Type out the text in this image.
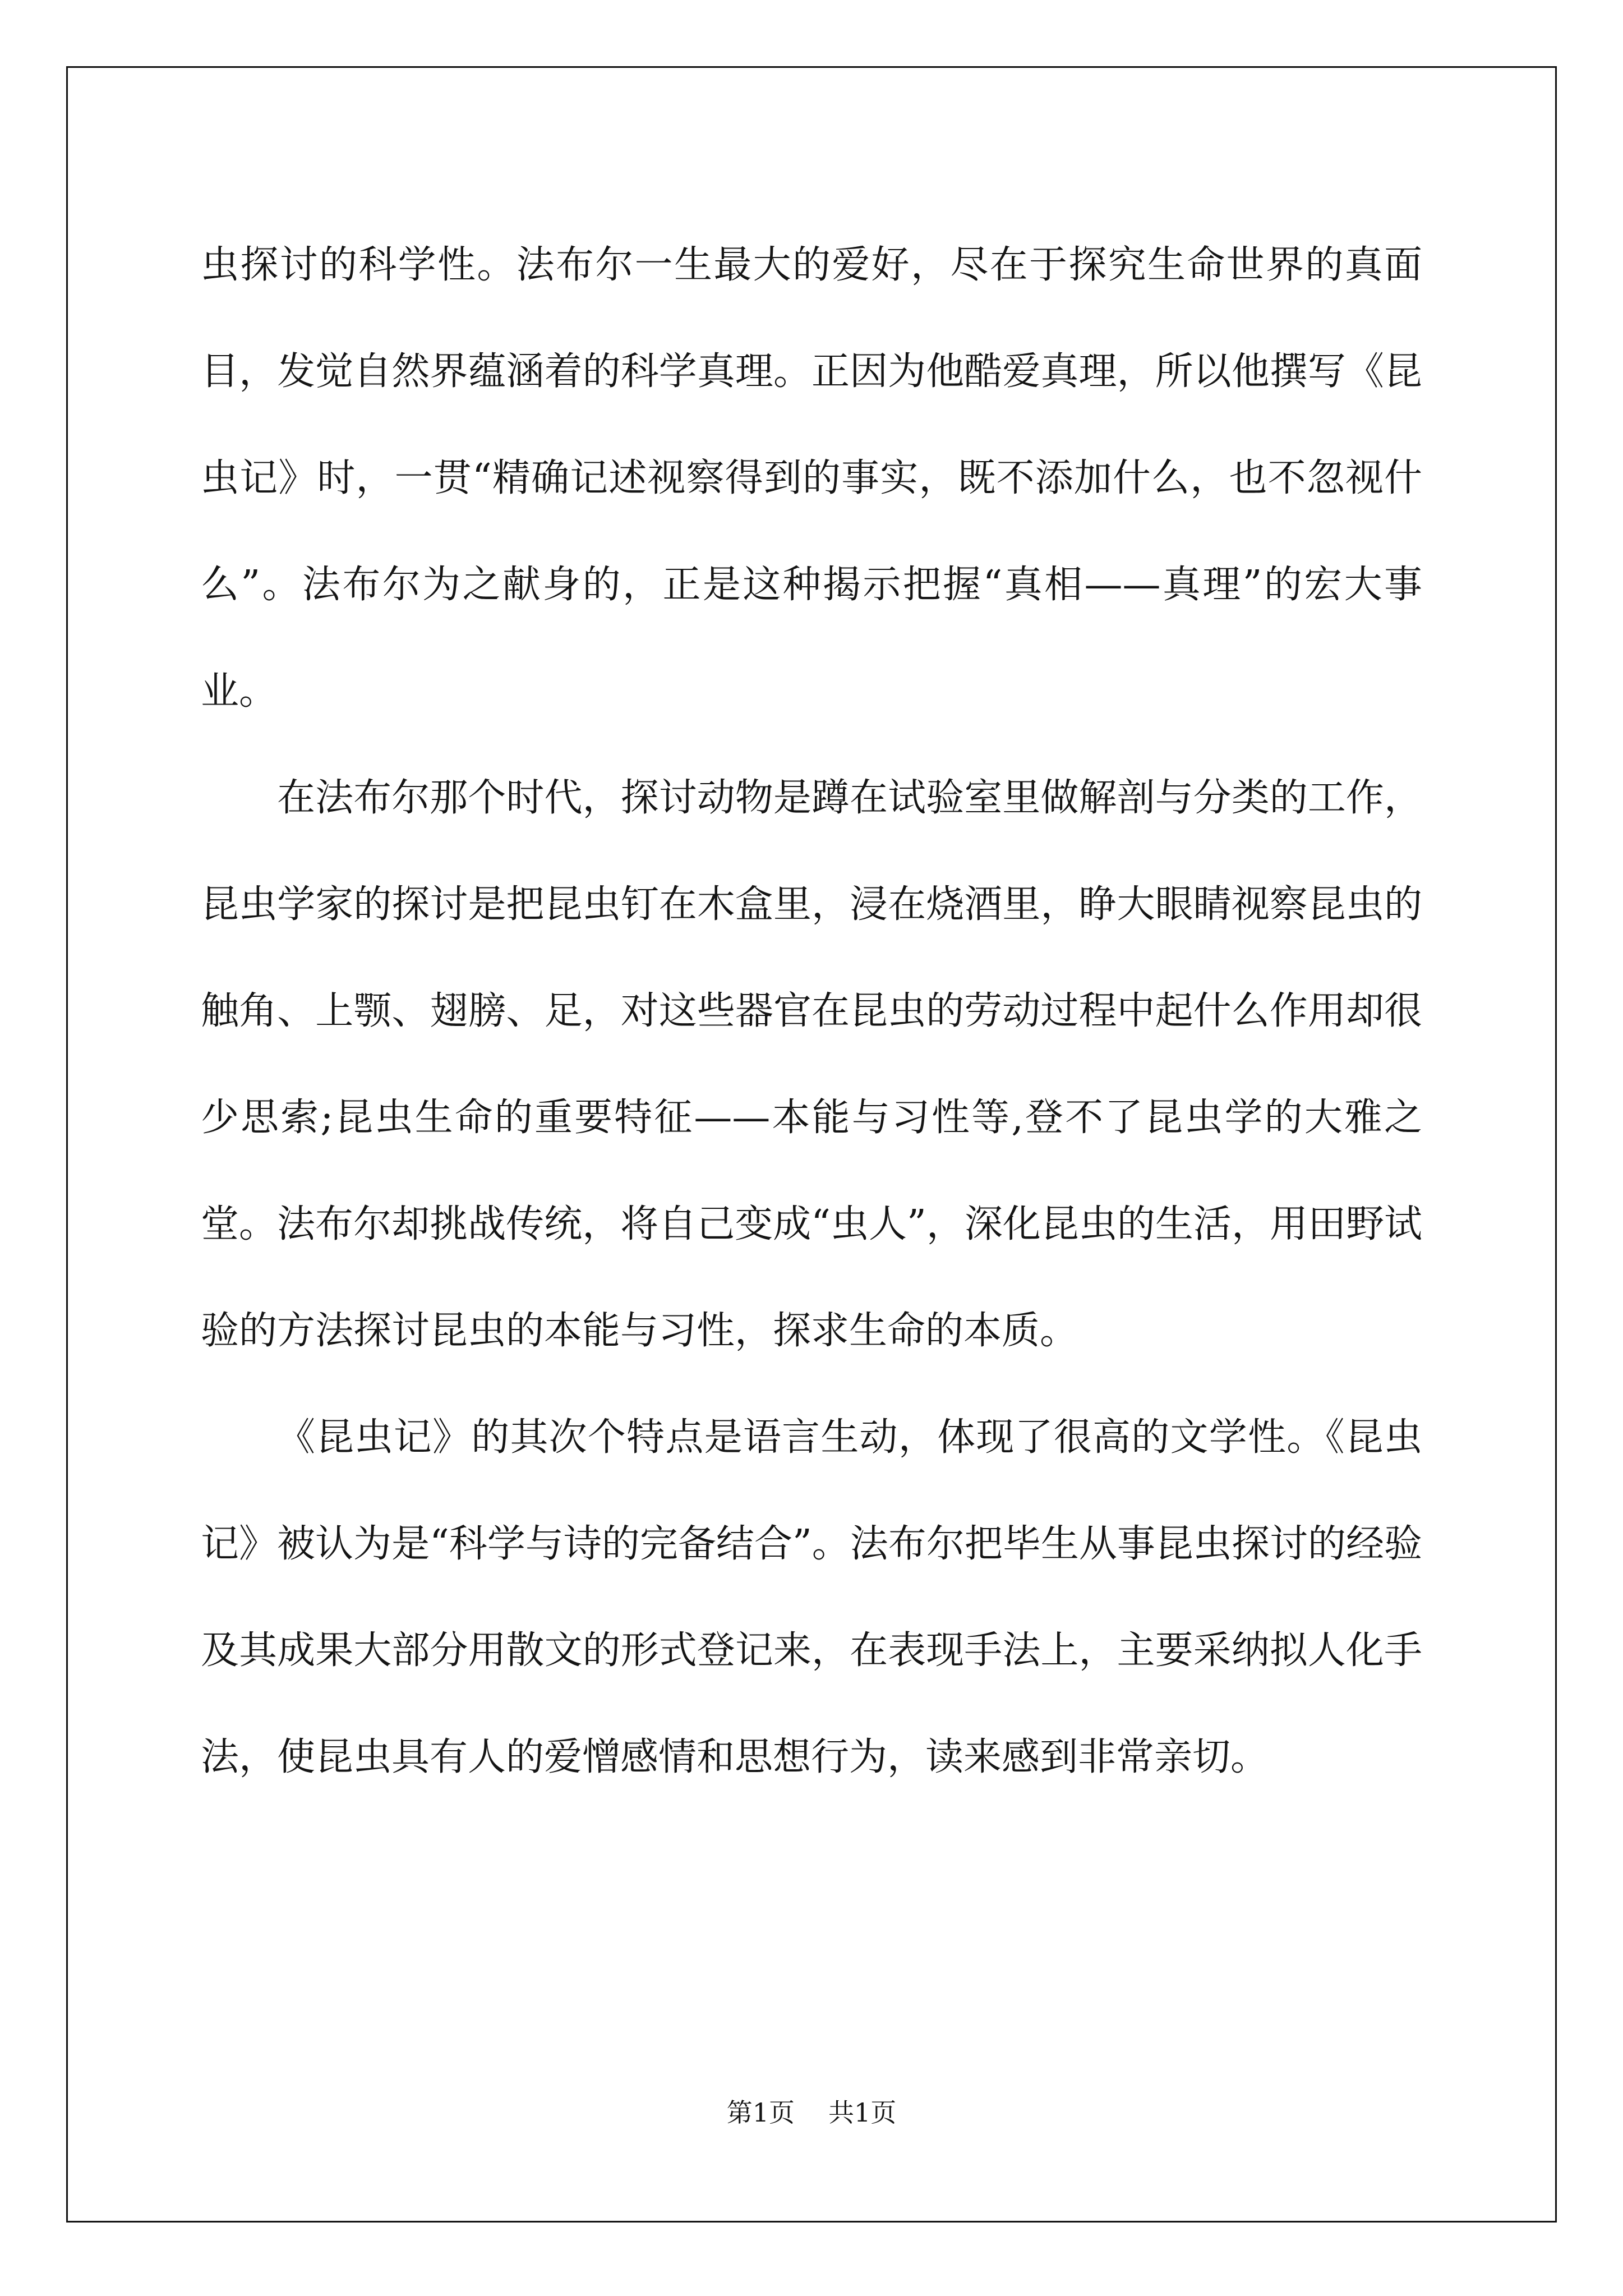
虫探讨的科学性。法布尔一生最大的爱好，尽在于探究生命世界的真面目，发觉自然界蕴涵着的科学真理。正因为他酷爱真理，所以他撰写《昆虫记》时，一贯“精确记述视察得到的事实，既不添加什么，也不忽视什么”。法布尔为之献身的，正是这种揭示把握“真相——真理”的宏大事业。

在法布尔那个时代，探讨动物是蹲在试验室里做解剖与分类的工作，昆虫学家的探讨是把昆虫钉在木盒里，浸在烧酒里，睁大眼睛视察昆虫的触角、上颚、翅膀、足，对这些器官在昆虫的劳动过程中起什么作用却很少思索;昆虫生命的重要特征——本能与习性等,登不了昆虫学的大雅之堂。法布尔却挑战传统，将自己变成“虫人”，深化昆虫的生活，用田野试验的方法探讨昆虫的本能与习性，探求生命的本质。

《昆虫记》的其次个特点是语言生动，体现了很高的文学性。《昆虫记》被认为是“科学与诗的完备结合”。法布尔把毕生从事昆虫探讨的经验及其成果大部分用散文的形式登记来，在表现手法上，主要采纳拟人化手法，使昆虫具有人的爱憎感情和思想行为，读来感到非常亲切。

第1页 共1页
